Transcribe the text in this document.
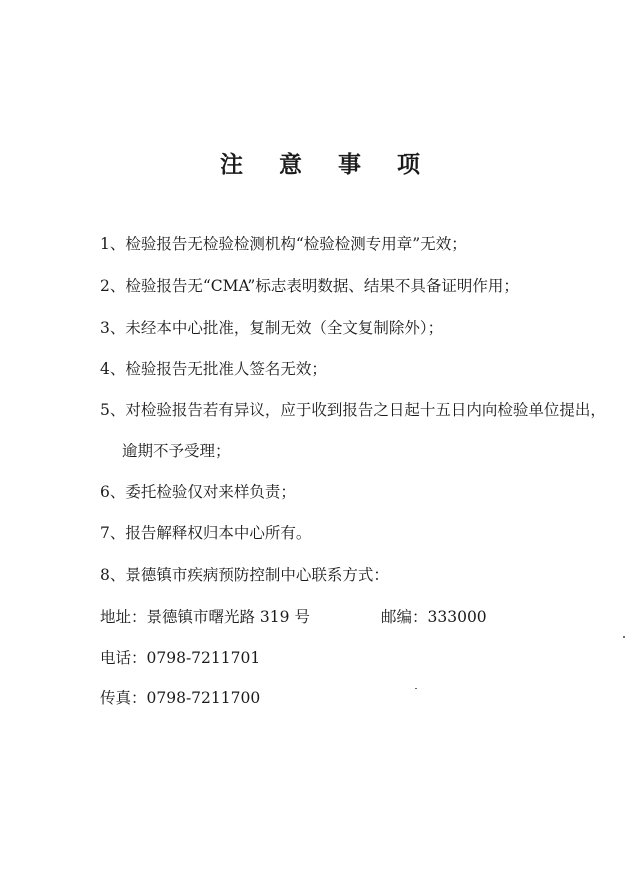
注 意 事 项
1、检验报告无检验检测机构“检验检测专用章”无效；
2、检验报告无“CMA”标志表明数据、结果不具备证明作用；
3、未经本中心批准，复制无效（全文复制除外）；
4、检验报告无批准人签名无效；
5、对检验报告若有异议，应于收到报告之日起十五日内向检验单位提出，
逾期不予受理；
6、委托检验仅对来样负责；
7、报告解释权归本中心所有。
8、景德镇市疾病预防控制中心联系方式：
地址：景德镇市曙光路 319 号	邮编：333000
电话：0798-7211701
传真：0798-7211700
